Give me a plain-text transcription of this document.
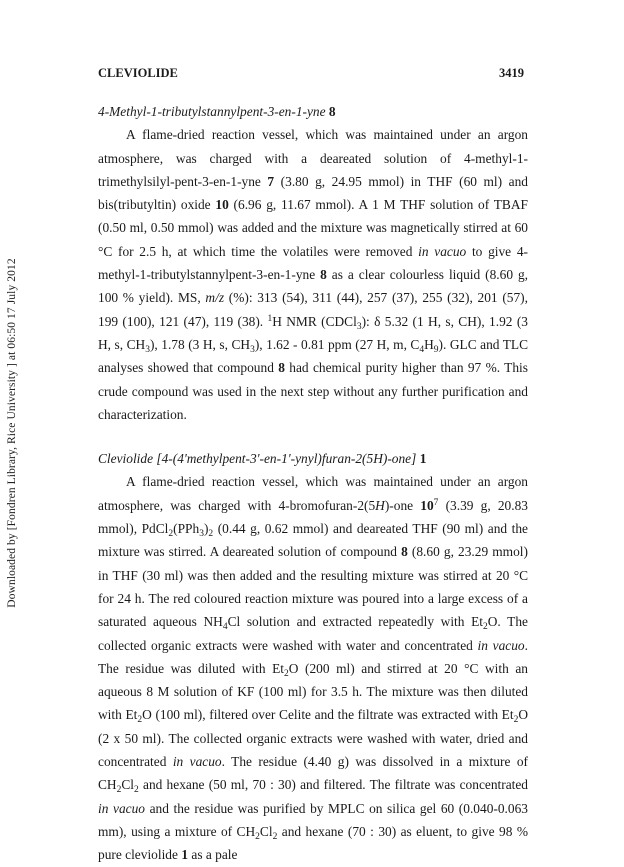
Downloaded by [Fondren Library, Rice University ] at 06:50 17 July 2012
CLEVIOLIDE	3419
4-Methyl-1-tributylstannylpent-3-en-1-yne 8
A flame-dried reaction vessel, which was maintained under an argon atmosphere, was charged with a deareated solution of 4-methyl-1-trimethylsilyl-pent-3-en-1-yne 7 (3.80 g, 24.95 mmol) in THF (60 ml) and bis(tributyltin) oxide 10 (6.96 g, 11.67 mmol). A 1 M THF solution of TBAF (0.50 ml, 0.50 mmol) was added and the mixture was magnetically stirred at 60 °C for 2.5 h, at which time the volatiles were removed in vacuo to give 4-methyl-1-tributylstannylpent-3-en-1-yne 8 as a clear colourless liquid (8.60 g, 100 % yield). MS, m/z (%): 313 (54), 311 (44), 257 (37), 255 (32), 201 (57), 199 (100), 121 (47), 119 (38). $^1$H NMR (CDCl$_3$): δ 5.32 (1 H, s, CH), 1.92 (3 H, s, $CH_3$), 1.78 (3 H, s, $CH_3$), 1.62 - 0.81 ppm (27 H, m, $C_4H_9$). GLC and TLC analyses showed that compound 8 had chemical purity higher than 97 %. This crude compound was used in the next step without any further purification and characterization.
Cleviolide [4-(4'methylpent-3'-en-1'-ynyl)furan-2(5H)-one] 1
A flame-dried reaction vessel, which was maintained under an argon atmosphere, was charged with 4-bromofuran-2(5H)-one $10^7$ (3.39 g, 20.83 mmol), $PdCl_2(PPh_3)_2$ (0.44 g, 0.62 mmol) and deareated THF (90 ml) and the mixture was stirred. A deareated solution of compound 8 (8.60 g, 23.29 mmol) in THF (30 ml) was then added and the resulting mixture was stirred at 20 °C for 24 h. The red coloured reaction mixture was poured into a large excess of a saturated aqueous $NH_4Cl$ solution and extracted repeatedly with $Et_2O$. The collected organic extracts were washed with water and concentrated in vacuo. The residue was diluted with $Et_2O$ (200 ml) and stirred at 20 °C with an aqueous 8 M solution of KF (100 ml) for 3.5 h. The mixture was then diluted with $Et_2O$ (100 ml), filtered over Celite and the filtrate was extracted with $Et_2O$ (2 x 50 ml). The collected organic extracts were washed with water, dried and concentrated in vacuo. The residue (4.40 g) was dissolved in a mixture of $CH_2Cl_2$ and hexane (50 ml, 70 : 30) and filtered. The filtrate was concentrated in vacuo and the residue was purified by MPLC on silica gel 60 (0.040-0.063 mm), using a mixture of $CH_2Cl_2$ and hexane (70 : 30) as eluent, to give 98 % pure cleviolide 1 as a pale
